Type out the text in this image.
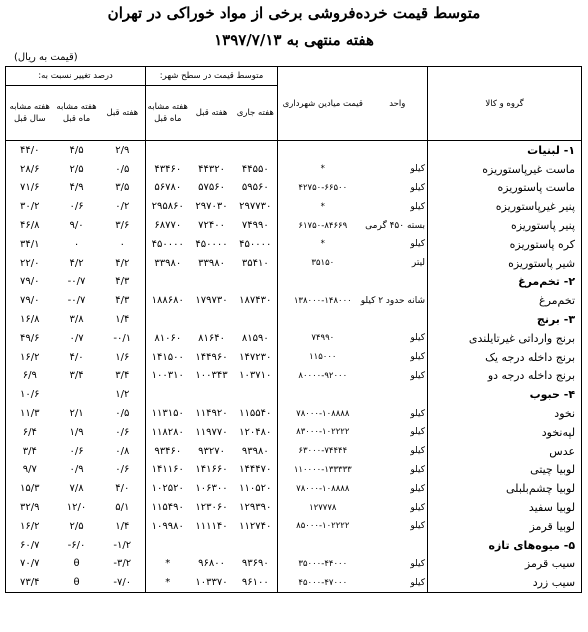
متوسط قیمت خرده‌فروشی برخی از مواد خوراکی در تهران
هفته منتهی به ۱۳۹۷/۷/۱۳
(قیمت به ریال)
گروه و کالا	واحد	قیمت میادین شهرداری	متوسط قیمت در سطح شهر:			درصد تغییر نسبت به:		
			هفته جاری	هفته قبل	هفته مشابه ماه قبل	هفته قبل	هفته مشابه ماه قبل	هفته مشابه سال قبل
۱- لبنیات						۲/۹	۴/۵	۴۴/۰
ماست غیرپاستوریزه	کیلو	*	۴۴۵۵۰	۴۴۳۲۰	۴۳۴۶۰	۰/۵	۲/۵	۲۸/۶
ماست پاستوریزه	کیلو	۴۲۷۵۰-۶۶۵۰۰	۵۹۵۶۰	۵۷۵۶۰	۵۶۷۸۰	۳/۵	۴/۹	۷۱/۶
پنیر غیرپاستوریزه	کیلو	*	۲۹۷۷۳۰	۲۹۷۰۳۰	۲۹۵۸۶۰	۰/۲	۰/۶	۳۰/۲
پنیر پاستوریزه	بسته ۴۵۰ گرمی	۶۱۷۵۰-۸۴۶۶۹	۷۴۹۹۰	۷۲۴۰۰	۶۸۷۷۰	۳/۶	۹/۰	۴۶/۸
کره پاستوریزه	کیلو	*	۴۵۰۰۰۰	۴۵۰۰۰۰	۴۵۰۰۰۰	۰	۰	۳۴/۱
شیر پاستوریزه	لیتر	۳۵۱۵۰	۳۵۴۱۰	۳۳۹۸۰	۳۳۹۸۰	۴/۲	۴/۲	۲۲/۰
۲- تخم‌مرغ						۴/۳	۰/۷-	۷۹/۰
تخم‌مرغ	شانه حدود ۲ کیلو	۱۳۸۰۰۰-۱۴۸۰۰۰	۱۸۷۴۳۰	۱۷۹۷۳۰	۱۸۸۶۸۰	۴/۳	۰/۷-	۷۹/۰
۳- برنج						۱/۴	۳/۸	۱۶/۸
برنج وارداتی غیرتایلندی	کیلو	۷۴۹۹۰	۸۱۵۹۰	۸۱۶۴۰	۸۱۰۶۰	۰/۱-	۰/۷	۴۹/۶
برنج داخله درجه یک	کیلو	۱۱۵۰۰۰	۱۴۷۲۳۰	۱۴۴۹۶۰	۱۴۱۵۰۰	۱/۶	۴/۰	۱۶/۲
برنج داخله درجه دو	کیلو	۸۰۰۰۰-۹۲۰۰۰	۱۰۳۷۱۰	۱۰۰۳۴۳	۱۰۰۳۱۰	۳/۴	۳/۴	۶/۹
۴- حبوب						۱/۲		۱۰/۶
نخود	کیلو	۷۸۰۰۰-۱۰۸۸۸۸	۱۱۵۵۴۰	۱۱۴۹۲۰	۱۱۳۱۵۰	۰/۵	۲/۱	۱۱/۳
لپه‌نخود	کیلو	۸۳۰۰۰-۱۰۲۲۲۲	۱۲۰۴۸۰	۱۱۹۷۷۰	۱۱۸۲۸۰	۰/۶	۱/۹	۶/۴
عدس	کیلو	۶۳۰۰۰-۷۴۴۴۴	۹۳۹۸۰	۹۳۲۷۰	۹۳۴۶۰	۰/۸	۰/۶	۳/۴
لوبیا چیتی	کیلو	۱۱۰۰۰۰-۱۳۳۳۳۳	۱۴۴۴۷۰	۱۴۱۶۶۰	۱۴۱۱۶۰	۰/۶	۰/۹	۹/۷
لوبیا چشم‌بلبلی	کیلو	۷۸۰۰۰-۱۰۸۸۸۸	۱۱۰۵۲۰	۱۰۶۳۰۰	۱۰۲۵۲۰	۴/۰	۷/۸	۱۵/۳
لوبیا سفید	کیلو	۱۲۷۷۷۸	۱۲۹۳۹۰	۱۲۳۰۶۰	۱۱۵۴۹۰	۵/۱	۱۲/۰	۳۲/۹
لوبیا قرمز	کیلو	۸۵۰۰۰-۱۰۲۲۲۲	۱۱۲۷۴۰	۱۱۱۱۴۰	۱۰۹۹۸۰	۱/۴	۲/۵	۱۶/۲
۵- میوه‌های تازه						۱/۲-	۶/۰-	۶۰/۷
سیب قرمز	کیلو	۳۵۰۰۰-۴۴۰۰۰	۹۳۶۹۰	۹۶۸۰۰	*	۳/۲-	θ	۷۰/۷
سیب زرد	کیلو	۴۵۰۰۰-۴۷۰۰۰	۹۶۱۰۰	۱۰۳۳۷۰	*	۷/۰-	θ	۷۳/۴
